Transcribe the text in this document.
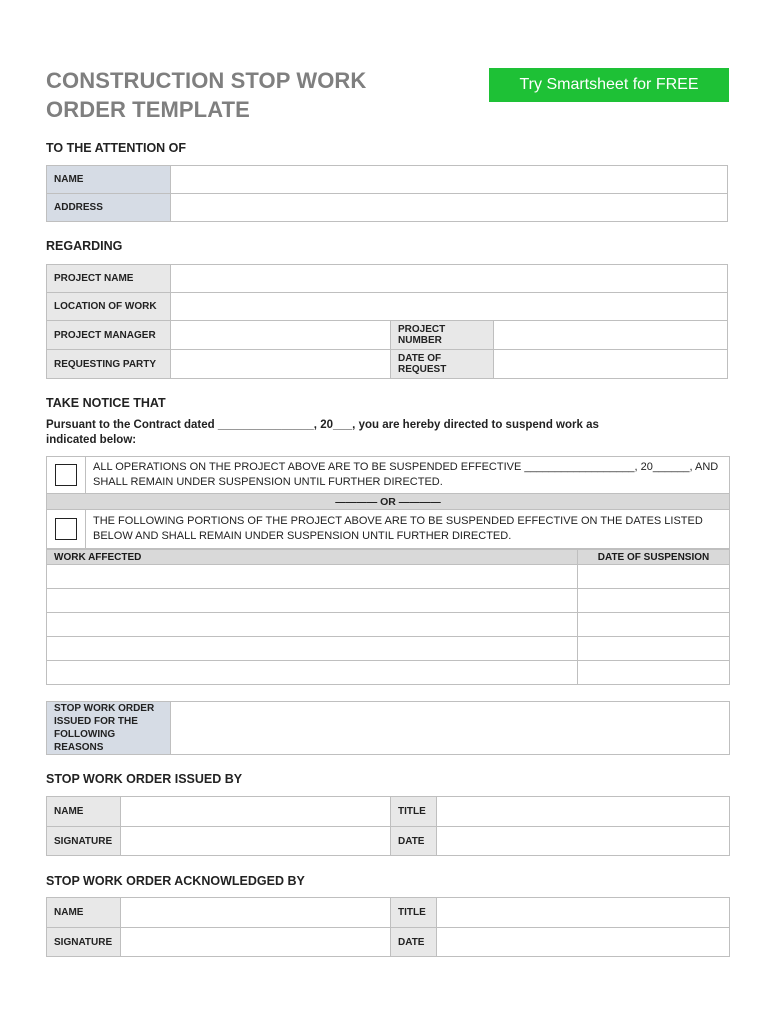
CONSTRUCTION STOP WORK ORDER TEMPLATE
Try Smartsheet for FREE
TO THE ATTENTION OF
NAME	
ADDRESS	
REGARDING
PROJECT NAME			
LOCATION OF WORK			
PROJECT MANAGER		PROJECT NUMBER	
REQUESTING PARTY		DATE OF REQUEST	
TAKE NOTICE THAT
Pursuant to the Contract dated _______________, 20___, you are hereby directed to suspend work as indicated below:
	ALL OPERATIONS ON THE PROJECT ABOVE ARE TO BE SUSPENDED EFFECTIVE __________________, 20______, AND SHALL REMAIN UNDER SUSPENSION UNTIL FURTHER DIRECTED.
———— OR ————	
	THE FOLLOWING PORTIONS OF THE PROJECT ABOVE ARE TO BE SUSPENDED EFFECTIVE ON THE DATES LISTED BELOW AND SHALL REMAIN UNDER SUSPENSION UNTIL FURTHER DIRECTED.
WORK AFFECTED	DATE OF SUSPENSION

STOP WORK ORDER ISSUED FOR THE FOLLOWING REASONS	
STOP WORK ORDER ISSUED BY
NAME		TITLE	
SIGNATURE		DATE	
STOP WORK ORDER ACKNOWLEDGED BY
NAME		TITLE	
SIGNATURE		DATE	
